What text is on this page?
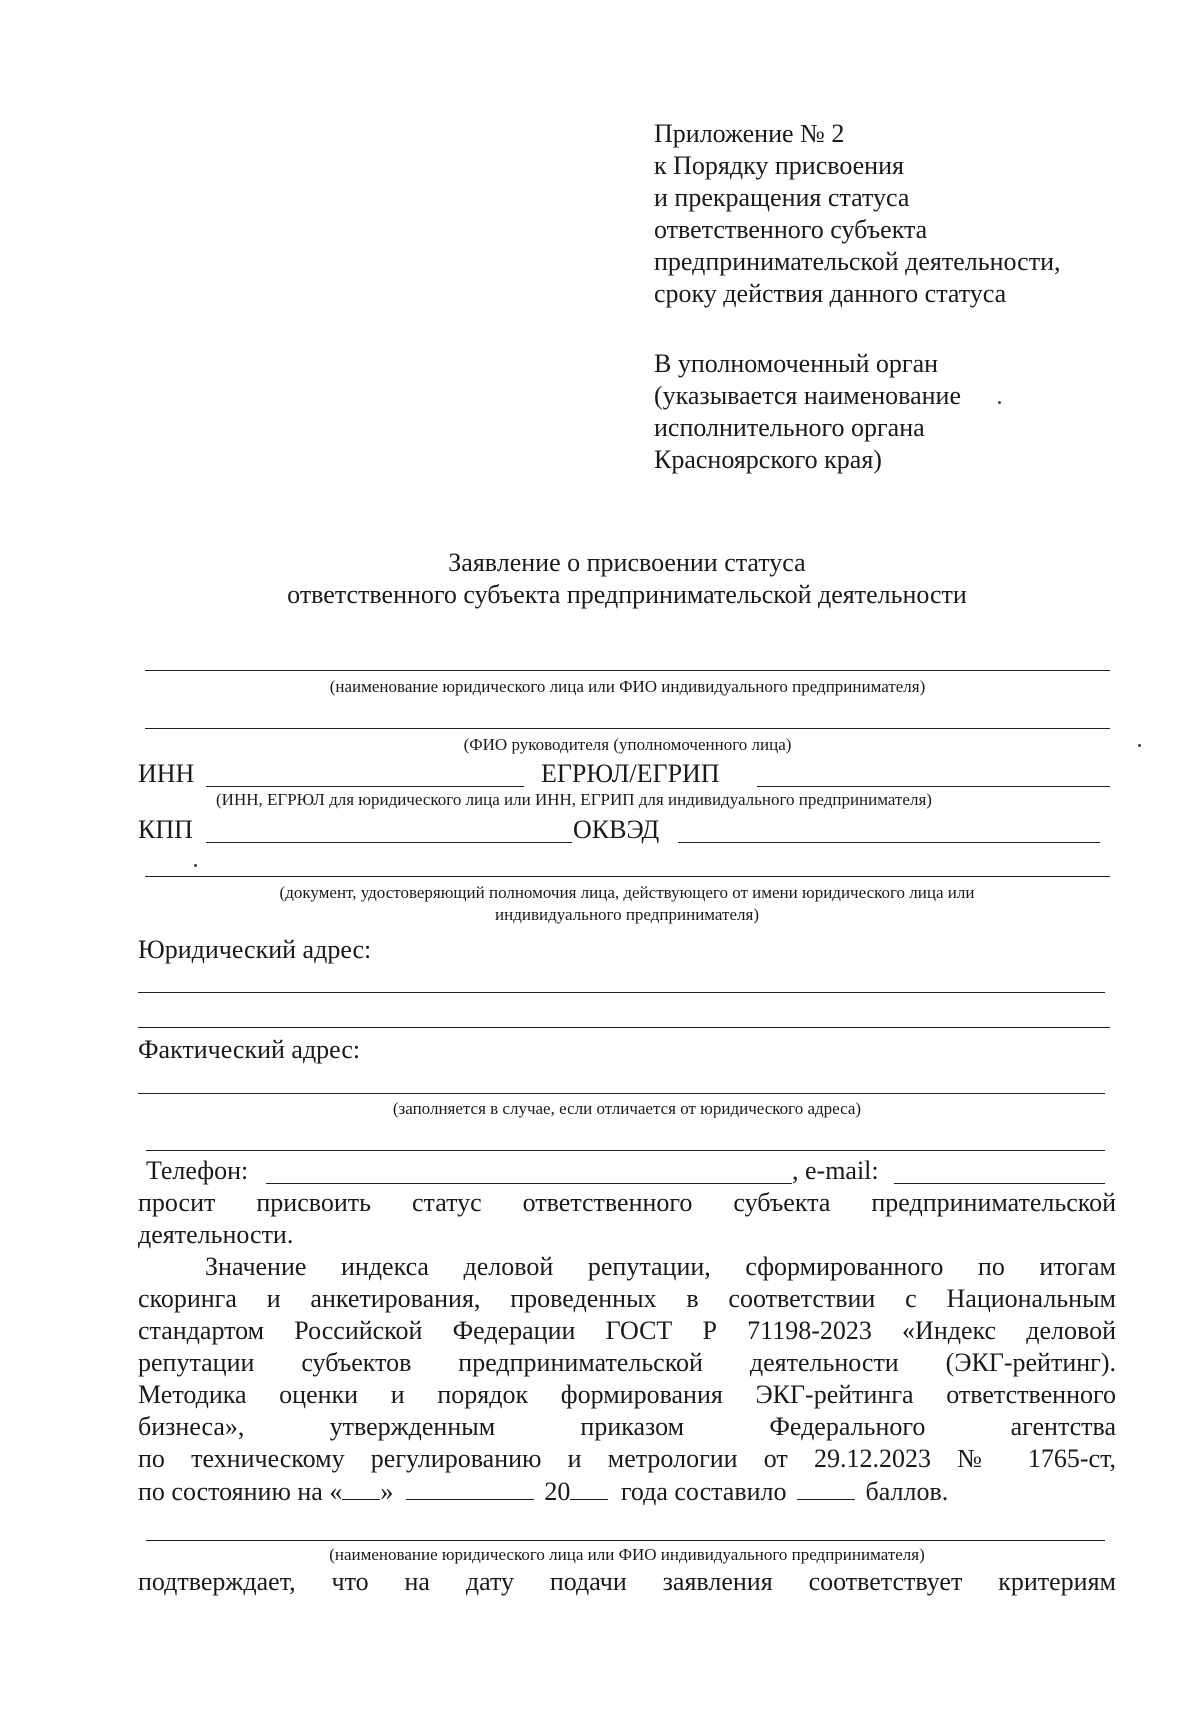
Приложение № 2
к Порядку присвоения
и прекращения статуса
ответственного субъекта
предпринимательской деятельности,
сроку действия данного статуса
В уполномоченный орган
(указывается наименование
исполнительного органа
Красноярского края)
Заявление о присвоении статуса
ответственного субъекта предпринимательской деятельности
(наименование юридического лица или ФИО индивидуального предпринимателя)
(ФИО руководителя (уполномоченного лица)
ИНН	ЕГРЮЛ/ЕГРИП
(ИНН, ЕГРЮЛ для юридического лица или ИНН, ЕГРИП для индивидуального предпринимателя)
КПП	ОКВЭД
(документ, удостоверяющий полномочия лица, действующего от имени юридического лица или
индивидуального предпринимателя)
Юридический адрес:
Фактический адрес:
(заполняется в случае, если отличается от юридического адреса)
Телефон:	, e-mail:
просит присвоить статус ответственного субъекта предпринимательской
деятельности.
Значение индекса деловой репутации, сформированного по итогам
скоринга и анкетирования, проведенных в соответствии с Национальным
стандартом Российской Федерации ГОСТ Р 71198-2023 «Индекс деловой
репутации субъектов предпринимательской деятельности (ЭКГ-рейтинг).
Методика оценки и порядок формирования ЭКГ-рейтинга ответственного
бизнеса», утвержденным приказом Федерального агентства
по техническому регулированию и метрологии от 29.12.2023 № 1765-ст,
по состоянию на « »	20 года составило	баллов.
(наименование юридического лица или ФИО индивидуального предпринимателя)
подтверждает, что на дату подачи заявления соответствует критериям
